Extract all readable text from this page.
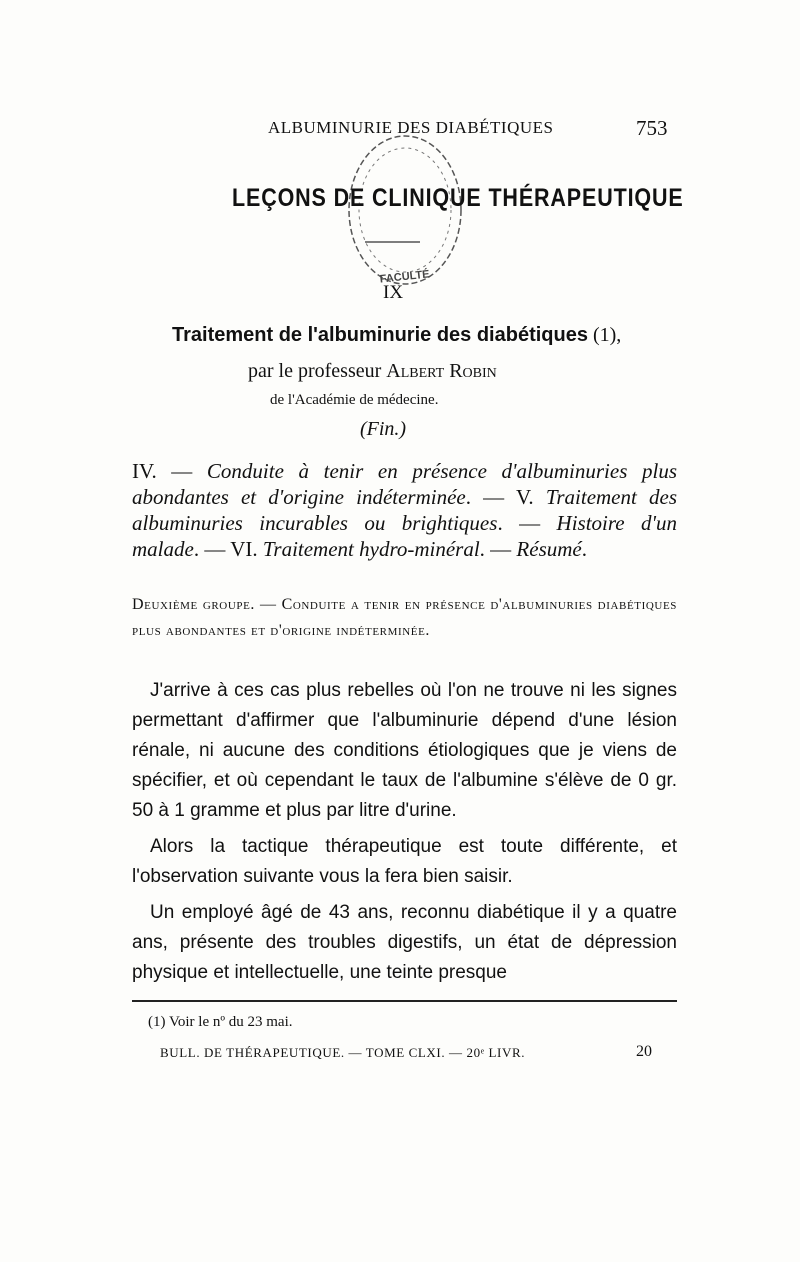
ALBUMINURIE DES DIABÉTIQUES	753
FACULTÉ
LEÇONS DE CLINIQUE THÉRAPEUTIQUE
IX
Traitement de l'albuminurie des diabétiques (1),
par le professeur Albert Robin
de l'Académie de médecine.
(Fin.)
IV. — Conduite à tenir en présence d'albuminuries plus abondantes et d'origine indéterminée. — V. Traitement des albuminuries incurables ou brightiques. — Histoire d'un malade. — VI. Traitement hydro-minéral. — Résumé.
Deuxième groupe. — Conduite a tenir en présence d'albuminuries diabétiques plus abondantes et d'origine indéterminée.

J'arrive à ces cas plus rebelles où l'on ne trouve ni les signes permettant d'affirmer que l'albuminurie dépend d'une lésion rénale, ni aucune des conditions étiologiques que je viens de spécifier, et où cependant le taux de l'albumine s'élève de 0 gr. 50 à 1 gramme et plus par litre d'urine.

Alors la tactique thérapeutique est toute différente, et l'observation suivante vous la fera bien saisir.

Un employé âgé de 43 ans, reconnu diabétique il y a quatre ans, présente des troubles digestifs, un état de dépression physique et intellectuelle, une teinte presque

(1) Voir le nº du 23 mai.
BULL. DE THÉRAPEUTIQUE. — TOME CLXI. — 20ᵉ LIVR.	20
